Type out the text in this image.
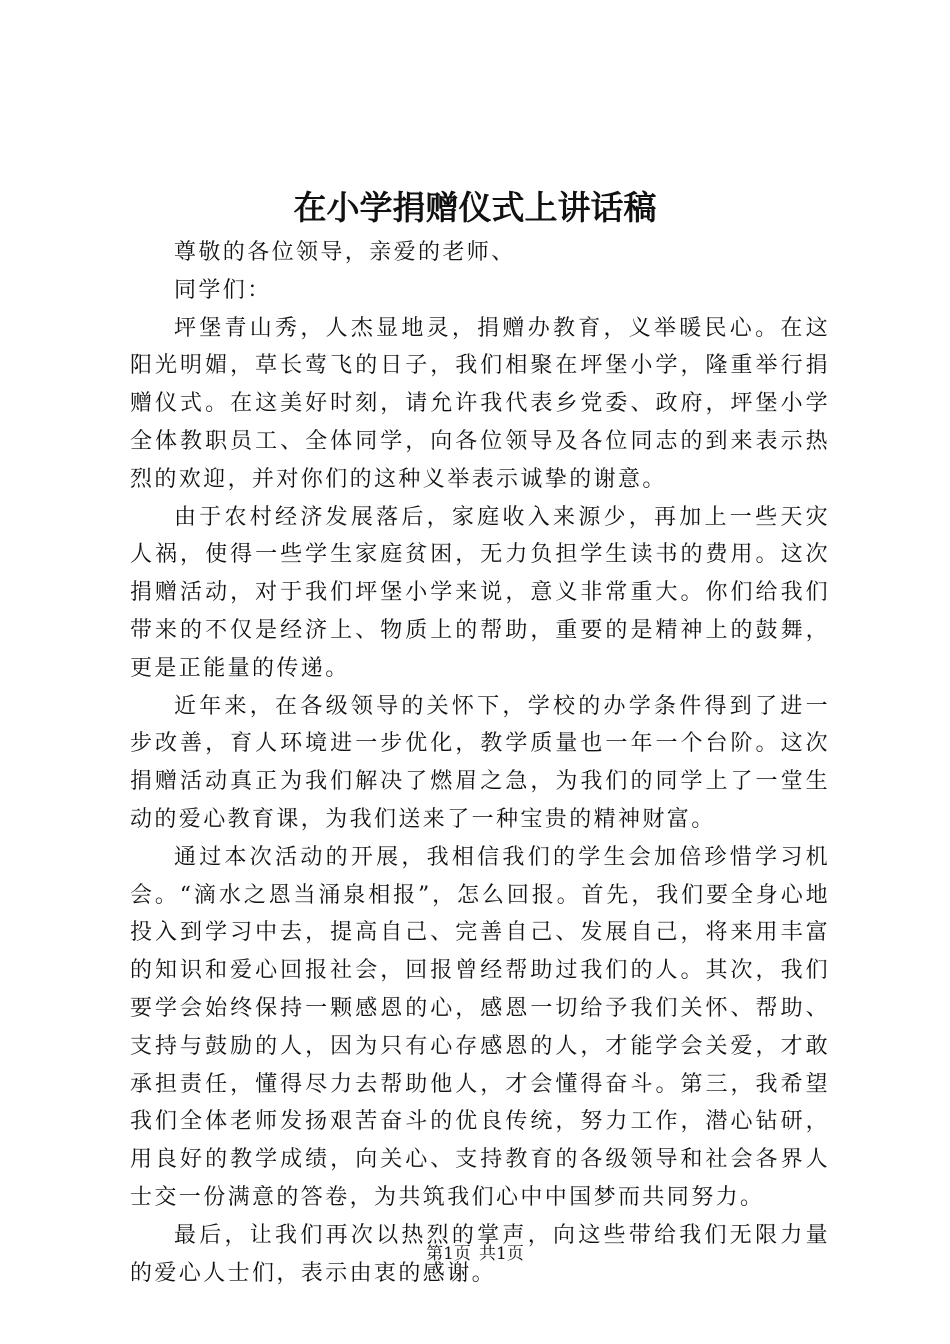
在小学捐赠仪式上讲话稿

尊敬的各位领导，亲爱的老师、

同学们：

坪堡青山秀，人杰显地灵，捐赠办教育，义举暖民心。在这阳光明媚，草长莺飞的日子，我们相聚在坪堡小学，隆重举行捐赠仪式。在这美好时刻，请允许我代表乡党委、政府，坪堡小学全体教职员工、全体同学，向各位领导及各位同志的到来表示热烈的欢迎，并对你们的这种义举表示诚挚的谢意。

由于农村经济发展落后，家庭收入来源少，再加上一些天灾人祸，使得一些学生家庭贫困，无力负担学生读书的费用。这次捐赠活动，对于我们坪堡小学来说，意义非常重大。你们给我们带来的不仅是经济上、物质上的帮助，重要的是精神上的鼓舞，更是正能量的传递。

近年来，在各级领导的关怀下，学校的办学条件得到了进一步改善，育人环境进一步优化，教学质量也一年一个台阶。这次捐赠活动真正为我们解决了燃眉之急，为我们的同学上了一堂生动的爱心教育课，为我们送来了一种宝贵的精神财富。

通过本次活动的开展，我相信我们的学生会加倍珍惜学习机会。“滴水之恩当涌泉相报”，怎么回报。首先，我们要全身心地投入到学习中去，提高自己、完善自己、发展自己，将来用丰富的知识和爱心回报社会，回报曾经帮助过我们的人。其次，我们要学会始终保持一颗感恩的心，感恩一切给予我们关怀、帮助、支持与鼓励的人，因为只有心存感恩的人，才能学会关爱，才敢承担责任，懂得尽力去帮助他人，才会懂得奋斗。第三，我希望我们全体老师发扬艰苦奋斗的优良传统，努力工作，潜心钻研，用良好的教学成绩，向关心、支持教育的各级领导和社会各界人士交一份满意的答卷，为共筑我们心中中国梦而共同努力。

最后，让我们再次以热烈的掌声，向这些带给我们无限力量的爱心人士们，表示由衷的感谢。

第1页 共1页
